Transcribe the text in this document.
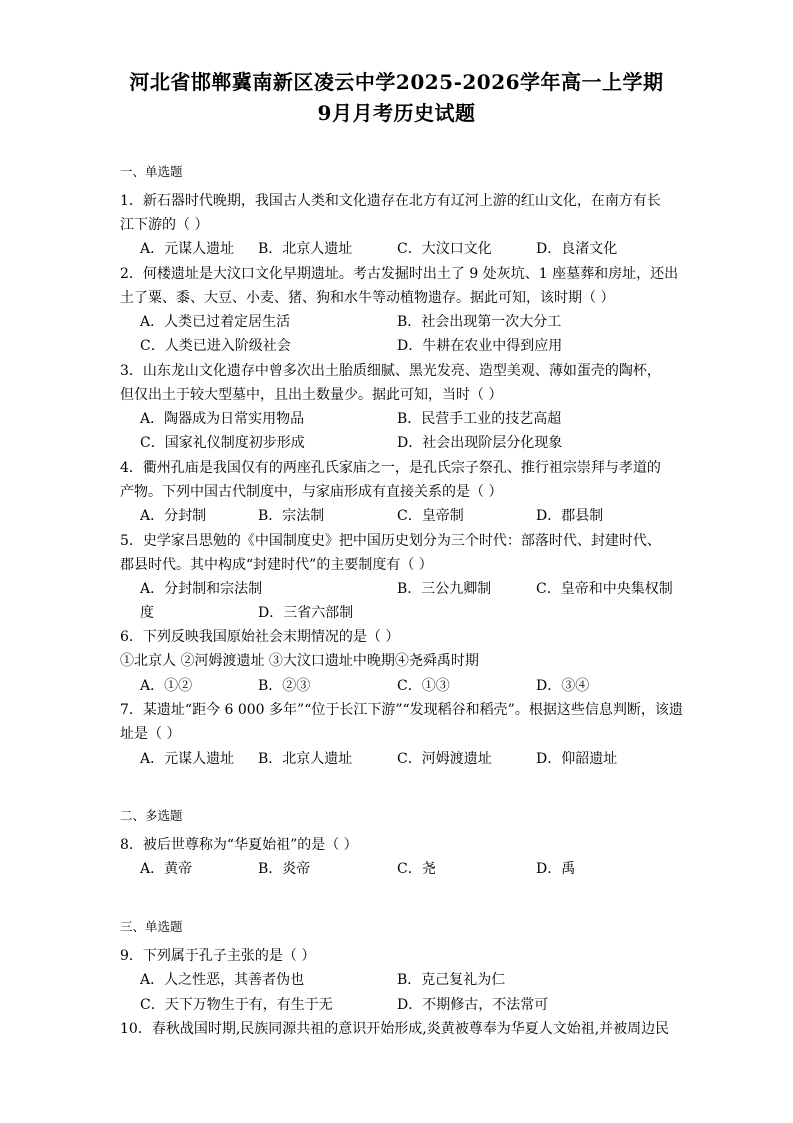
河北省邯郸冀南新区凌云中学2025-2026学年高一上学期
9月月考历史试题
一、单选题
1．新石器时代晚期，我国古人类和文化遗存在北方有辽河上游的红山文化，在南方有长
江下游的（ ）
A．元谋人遗址 B．北京人遗址	C．大汶口文化	D．良渚文化
2．何楼遗址是大汶口文化早期遗址。考古发掘时出土了 9 处灰坑、1 座墓葬和房址，还出
土了粟、黍、大豆、小麦、猪、狗和水牛等动植物遗存。据此可知，该时期（ ）
A．人类已过着定居生活	B．社会出现第一次大分工
C．人类已进入阶级社会	D．牛耕在农业中得到应用
3．山东龙山文化遗存中曾多次出土胎质细腻、黑光发亮、造型美观、薄如蛋壳的陶杯，
但仅出土于较大型墓中，且出土数量少。据此可知，当时（ ）
A．陶器成为日常实用物品	B．民营手工业的技艺高超
C．国家礼仪制度初步形成	D．社会出现阶层分化现象
4．衢州孔庙是我国仅有的两座孔氏家庙之一，是孔氏宗子祭孔、推行祖宗崇拜与孝道的
产物。下列中国古代制度中，与家庙形成有直接关系的是（ ）
A．分封制	B．宗法制	C．皇帝制	D．郡县制
5．史学家吕思勉的《中国制度史》把中国历史划分为三个时代：部落时代、封建时代、
郡县时代。其中构成“封建时代”的主要制度有（ ）
A．分封制和宗法制	B．三公九卿制	C．皇帝和中央集权制
度	D．三省六部制
6．下列反映我国原始社会末期情况的是（ ）
①北京人 ②河姆渡遗址 ③大汶口遗址中晚期④尧舜禹时期
A．①②	B．②③	C．①③	D．③④
7．某遗址“距今 6 000 多年”“位于长江下游”“发现稻谷和稻壳”。根据这些信息判断，该遗
址是（ ）
A．元谋人遗址 B．北京人遗址	C．河姆渡遗址	D．仰韶遗址
二、多选题
8．被后世尊称为“华夏始祖”的是（ ）
A．黄帝	B．炎帝	C．尧	D．禹
三、单选题
9．下列属于孔子主张的是（ ）
A．人之性恶，其善者伪也	B．克己复礼为仁
C．天下万物生于有，有生于无	D．不期修古，不法常可
10．春秋战国时期,民族同源共祖的意识开始形成,炎黄被尊奉为华夏人文始祖,并被周边民
